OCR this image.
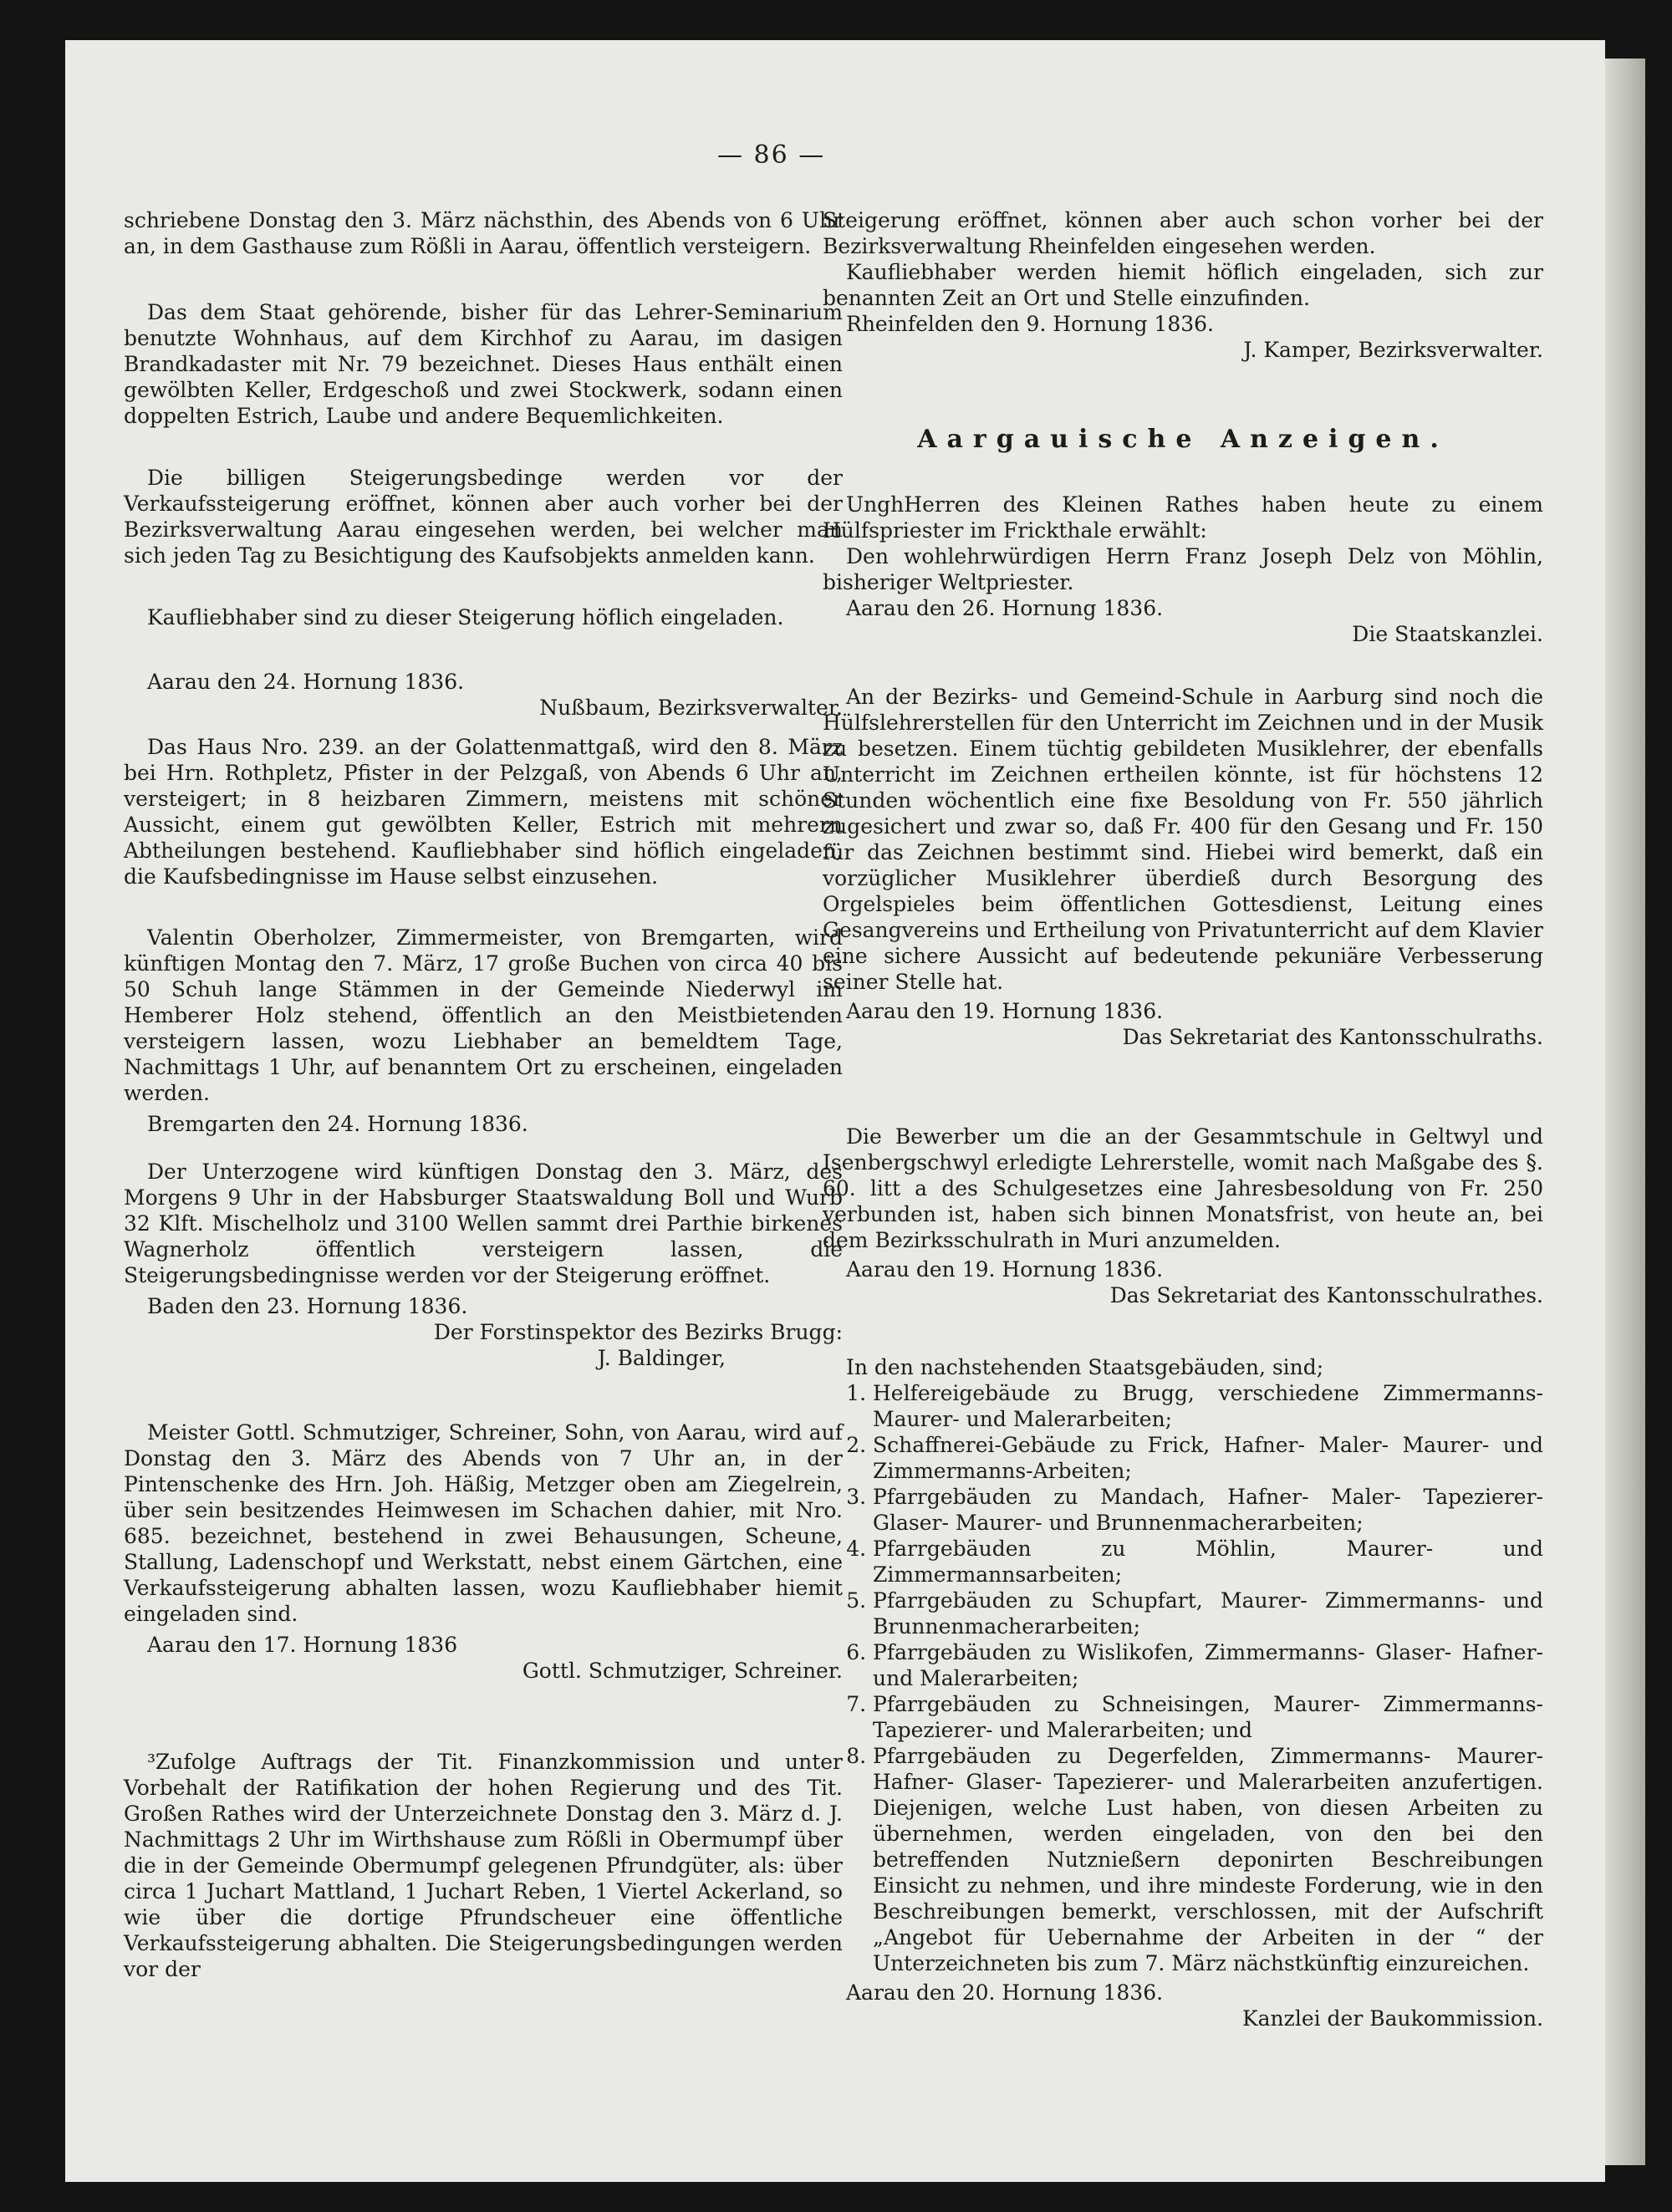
— 86 —

schriebene Donstag den 3. März nächsthin, des Abends von 6 Uhr an, in dem Gasthause zum Rößli in Aarau, öffentlich versteigern.

Das dem Staat gehörende, bisher für das Lehrer-Seminarium benutzte Wohnhaus, auf dem Kirchhof zu Aarau, im dasigen Brandkadaster mit Nr. 79 bezeichnet. Dieses Haus enthält einen gewölbten Keller, Erdgeschoß und zwei Stockwerk, sodann einen doppelten Estrich, Laube und andere Bequemlichkeiten.

Die billigen Steigerungsbedinge werden vor der Verkaufssteigerung eröffnet, können aber auch vorher bei der Bezirksverwaltung Aarau eingesehen werden, bei welcher man sich jeden Tag zu Besichtigung des Kaufsobjekts anmelden kann.

Kaufliebhaber sind zu dieser Steigerung höflich eingeladen.

Aarau den 24. Hornung 1836.

Nußbaum, Bezirksverwalter.

Das Haus Nro. 239. an der Golattenmattgaß, wird den 8. März bei Hrn. Rothpletz, Pfister in der Pelzgaß, von Abends 6 Uhr an, versteigert; in 8 heizbaren Zimmern, meistens mit schöner Aussicht, einem gut gewölbten Keller, Estrich mit mehrern Abtheilungen bestehend. Kaufliebhaber sind höflich eingeladen, die Kaufsbedingnisse im Hause selbst einzusehen.

Valentin Oberholzer, Zimmermeister, von Bremgarten, wird künftigen Montag den 7. März, 17 große Buchen von circa 40 bis 50 Schuh lange Stämmen in der Gemeinde Niederwyl im Hemberer Holz stehend, öffentlich an den Meistbietenden versteigern lassen, wozu Liebhaber an bemeldtem Tage, Nachmittags 1 Uhr, auf benanntem Ort zu erscheinen, eingeladen werden.

Bremgarten den 24. Hornung 1836.

Der Unterzogene wird künftigen Donstag den 3. März, des Morgens 9 Uhr in der Habsburger Staatswaldung Boll und Wurb 32 Klft. Mischelholz und 3100 Wellen sammt drei Parthie birkenes Wagnerholz öffentlich versteigern lassen, die Steigerungsbedingnisse werden vor der Steigerung eröffnet.

Baden den 23. Hornung 1836.

Der Forstinspektor des Bezirks Brugg:

J. Baldinger,

Meister Gottl. Schmutziger, Schreiner, Sohn, von Aarau, wird auf Donstag den 3. März des Abends von 7 Uhr an, in der Pintenschenke des Hrn. Joh. Häßig, Metzger oben am Ziegelrein, über sein besitzendes Heimwesen im Schachen dahier, mit Nro. 685. bezeichnet, bestehend in zwei Behausungen, Scheune, Stallung, Ladenschopf und Werkstatt, nebst einem Gärtchen, eine Verkaufssteigerung abhalten lassen, wozu Kaufliebhaber hiemit eingeladen sind.

Aarau den 17. Hornung 1836

Gottl. Schmutziger, Schreiner.

³Zufolge Auftrags der Tit. Finanzkommission und unter Vorbehalt der Ratifikation der hohen Regierung und des Tit. Großen Rathes wird der Unterzeichnete Donstag den 3. März d. J. Nachmittags 2 Uhr im Wirthshause zum Rößli in Obermumpf über die in der Gemeinde Obermumpf gelegenen Pfrundgüter, als: über circa 1 Juchart Mattland, 1 Juchart Reben, 1 Viertel Ackerland, so wie über die dortige Pfrundscheuer eine öffentliche Verkaufssteigerung abhalten. Die Steigerungsbedingungen werden vor der

Steigerung eröffnet, können aber auch schon vorher bei der Bezirksverwaltung Rheinfelden eingesehen werden.

Kaufliebhaber werden hiemit höflich eingeladen, sich zur benannten Zeit an Ort und Stelle einzufinden.

Rheinfelden den 9. Hornung 1836.

J. Kamper, Bezirksverwalter.

Aargauische Anzeigen.

UnghHerren des Kleinen Rathes haben heute zu einem Hülfspriester im Frickthale erwählt:

Den wohlehrwürdigen Herrn Franz Joseph Delz von Möhlin, bisheriger Weltpriester.

Aarau den 26. Hornung 1836.

Die Staatskanzlei.

An der Bezirks- und Gemeind-Schule in Aarburg sind noch die Hülfslehrerstellen für den Unterricht im Zeichnen und in der Musik zu besetzen. Einem tüchtig gebildeten Musiklehrer, der ebenfalls Unterricht im Zeichnen ertheilen könnte, ist für höchstens 12 Stunden wöchentlich eine fixe Besoldung von Fr. 550 jährlich zugesichert und zwar so, daß Fr. 400 für den Gesang und Fr. 150 für das Zeichnen bestimmt sind. Hiebei wird bemerkt, daß ein vorzüglicher Musiklehrer überdieß durch Besorgung des Orgelspieles beim öffentlichen Gottesdienst, Leitung eines Gesangvereins und Ertheilung von Privatunterricht auf dem Klavier eine sichere Aussicht auf bedeutende pekuniäre Verbesserung seiner Stelle hat.

Aarau den 19. Hornung 1836.

Das Sekretariat des Kantonsschulraths.

Die Bewerber um die an der Gesammtschule in Geltwyl und Isenbergschwyl erledigte Lehrerstelle, womit nach Maßgabe des §. 60. litt a des Schulgesetzes eine Jahresbesoldung von Fr. 250 verbunden ist, haben sich binnen Monatsfrist, von heute an, bei dem Bezirksschulrath in Muri anzumelden.

Aarau den 19. Hornung 1836.

Das Sekretariat des Kantonsschulrathes.

In den nachstehenden Staatsgebäuden, sind;

1. Helfereigebäude zu Brugg, verschiedene Zimmermanns- Maurer- und Malerarbeiten;
2. Schaffnerei-Gebäude zu Frick, Hafner- Maler- Maurer- und Zimmermanns-Arbeiten;
3. Pfarrgebäuden zu Mandach, Hafner- Maler- Tapezierer- Glaser- Maurer- und Brunnenmacherarbeiten;
4. Pfarrgebäuden zu Möhlin, Maurer- und Zimmermannsarbeiten;
5. Pfarrgebäuden zu Schupfart, Maurer- Zimmermanns- und Brunnenmacherarbeiten;
6. Pfarrgebäuden zu Wislikofen, Zimmermanns- Glaser- Hafner- und Malerarbeiten;
7. Pfarrgebäuden zu Schneisingen, Maurer- Zimmermanns- Tapezierer- und Malerarbeiten; und
8. Pfarrgebäuden zu Degerfelden, Zimmermanns- Maurer- Hafner- Glaser- Tapezierer- und Malerarbeiten anzufertigen. Diejenigen, welche Lust haben, von diesen Arbeiten zu übernehmen, werden eingeladen, von den bei den betreffenden Nutznießern deponirten Beschreibungen Einsicht zu nehmen, und ihre mindeste Forderung, wie in den Beschreibungen bemerkt, verschlossen, mit der Aufschrift „Angebot für Uebernahme der Arbeiten in der “ der Unterzeichneten bis zum 7. März nächstkünftig einzureichen.

Aarau den 20. Hornung 1836.

Kanzlei der Baukommission.
